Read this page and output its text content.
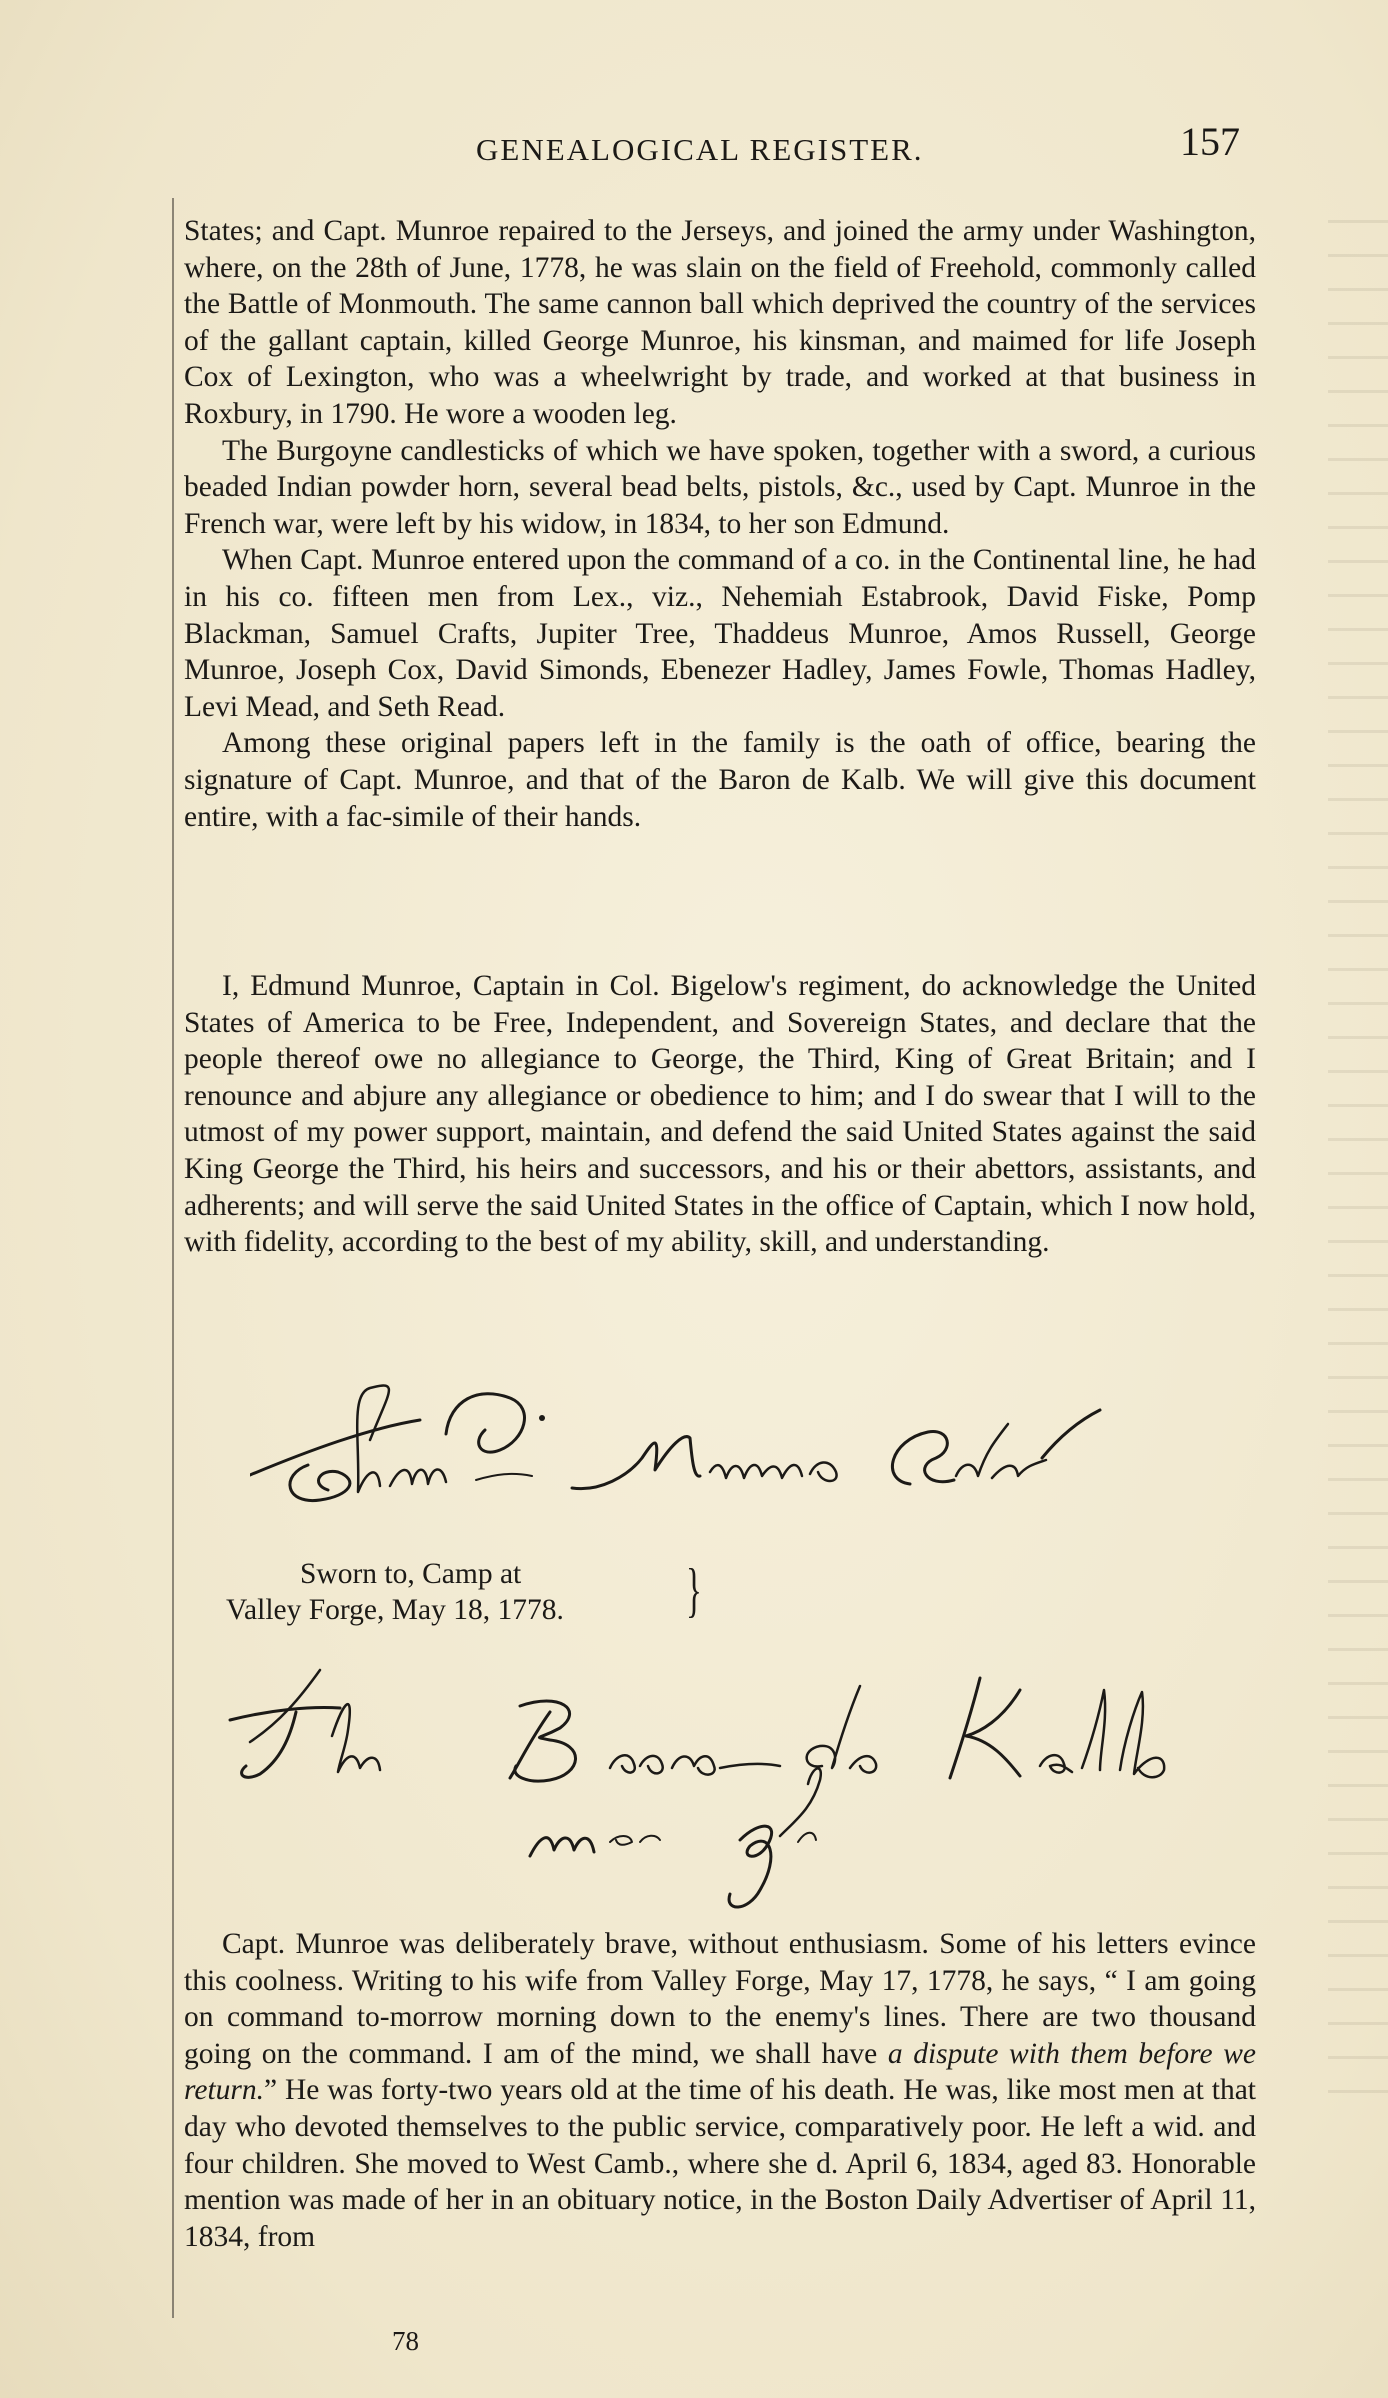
GENEALOGICAL REGISTER.	157

States; and Capt. Munroe repaired to the Jerseys, and joined the army under Washington, where, on the 28th of June, 1778, he was slain on the field of Freehold, commonly called the Battle of Monmouth. The same cannon ball which deprived the country of the services of the gallant captain, killed George Munroe, his kinsman, and maimed for life Joseph Cox of Lexington, who was a wheelwright by trade, and worked at that business in Roxbury, in 1790. He wore a wooden leg.

The Burgoyne candlesticks of which we have spoken, together with a sword, a curious beaded Indian powder horn, several bead belts, pistols, &c., used by Capt. Munroe in the French war, were left by his widow, in 1834, to her son Edmund.

When Capt. Munroe entered upon the command of a co. in the Continental line, he had in his co. fifteen men from Lex., viz., Nehemiah Estabrook, David Fiske, Pomp Blackman, Samuel Crafts, Jupiter Tree, Thaddeus Munroe, Amos Russell, George Munroe, Joseph Cox, David Simonds, Ebenezer Hadley, James Fowle, Thomas Hadley, Levi Mead, and Seth Read.

Among these original papers left in the family is the oath of office, bearing the signature of Capt. Munroe, and that of the Baron de Kalb. We will give this document entire, with a fac-simile of their hands.

I, Edmund Munroe, Captain in Col. Bigelow's regiment, do acknowledge the United States of America to be Free, Independent, and Sovereign States, and declare that the people thereof owe no allegiance to George, the Third, King of Great Britain; and I renounce and abjure any allegiance or obedience to him; and I do swear that I will to the utmost of my power support, maintain, and defend the said United States against the said King George the Third, his heirs and successors, and his or their abettors, assistants, and adherents; and will serve the said United States in the office of Captain, which I now hold, with fidelity, according to the best of my ability, skill, and understanding.

Sworn to, Camp at
Valley Forge, May 18, 1778. }

Capt. Munroe was deliberately brave, without enthusiasm. Some of his letters evince this coolness. Writing to his wife from Valley Forge, May 17, 1778, he says, “ I am going on command to-morrow morning down to the enemy's lines. There are two thousand going on the command. I am of the mind, we shall have a dispute with them before we return.” He was forty-two years old at the time of his death. He was, like most men at that day who devoted themselves to the public service, comparatively poor. He left a wid. and four children. She moved to West Camb., where she d. April 6, 1834, aged 83. Honorable mention was made of her in an obituary notice, in the Boston Daily Advertiser of April 11, 1834, from

78
